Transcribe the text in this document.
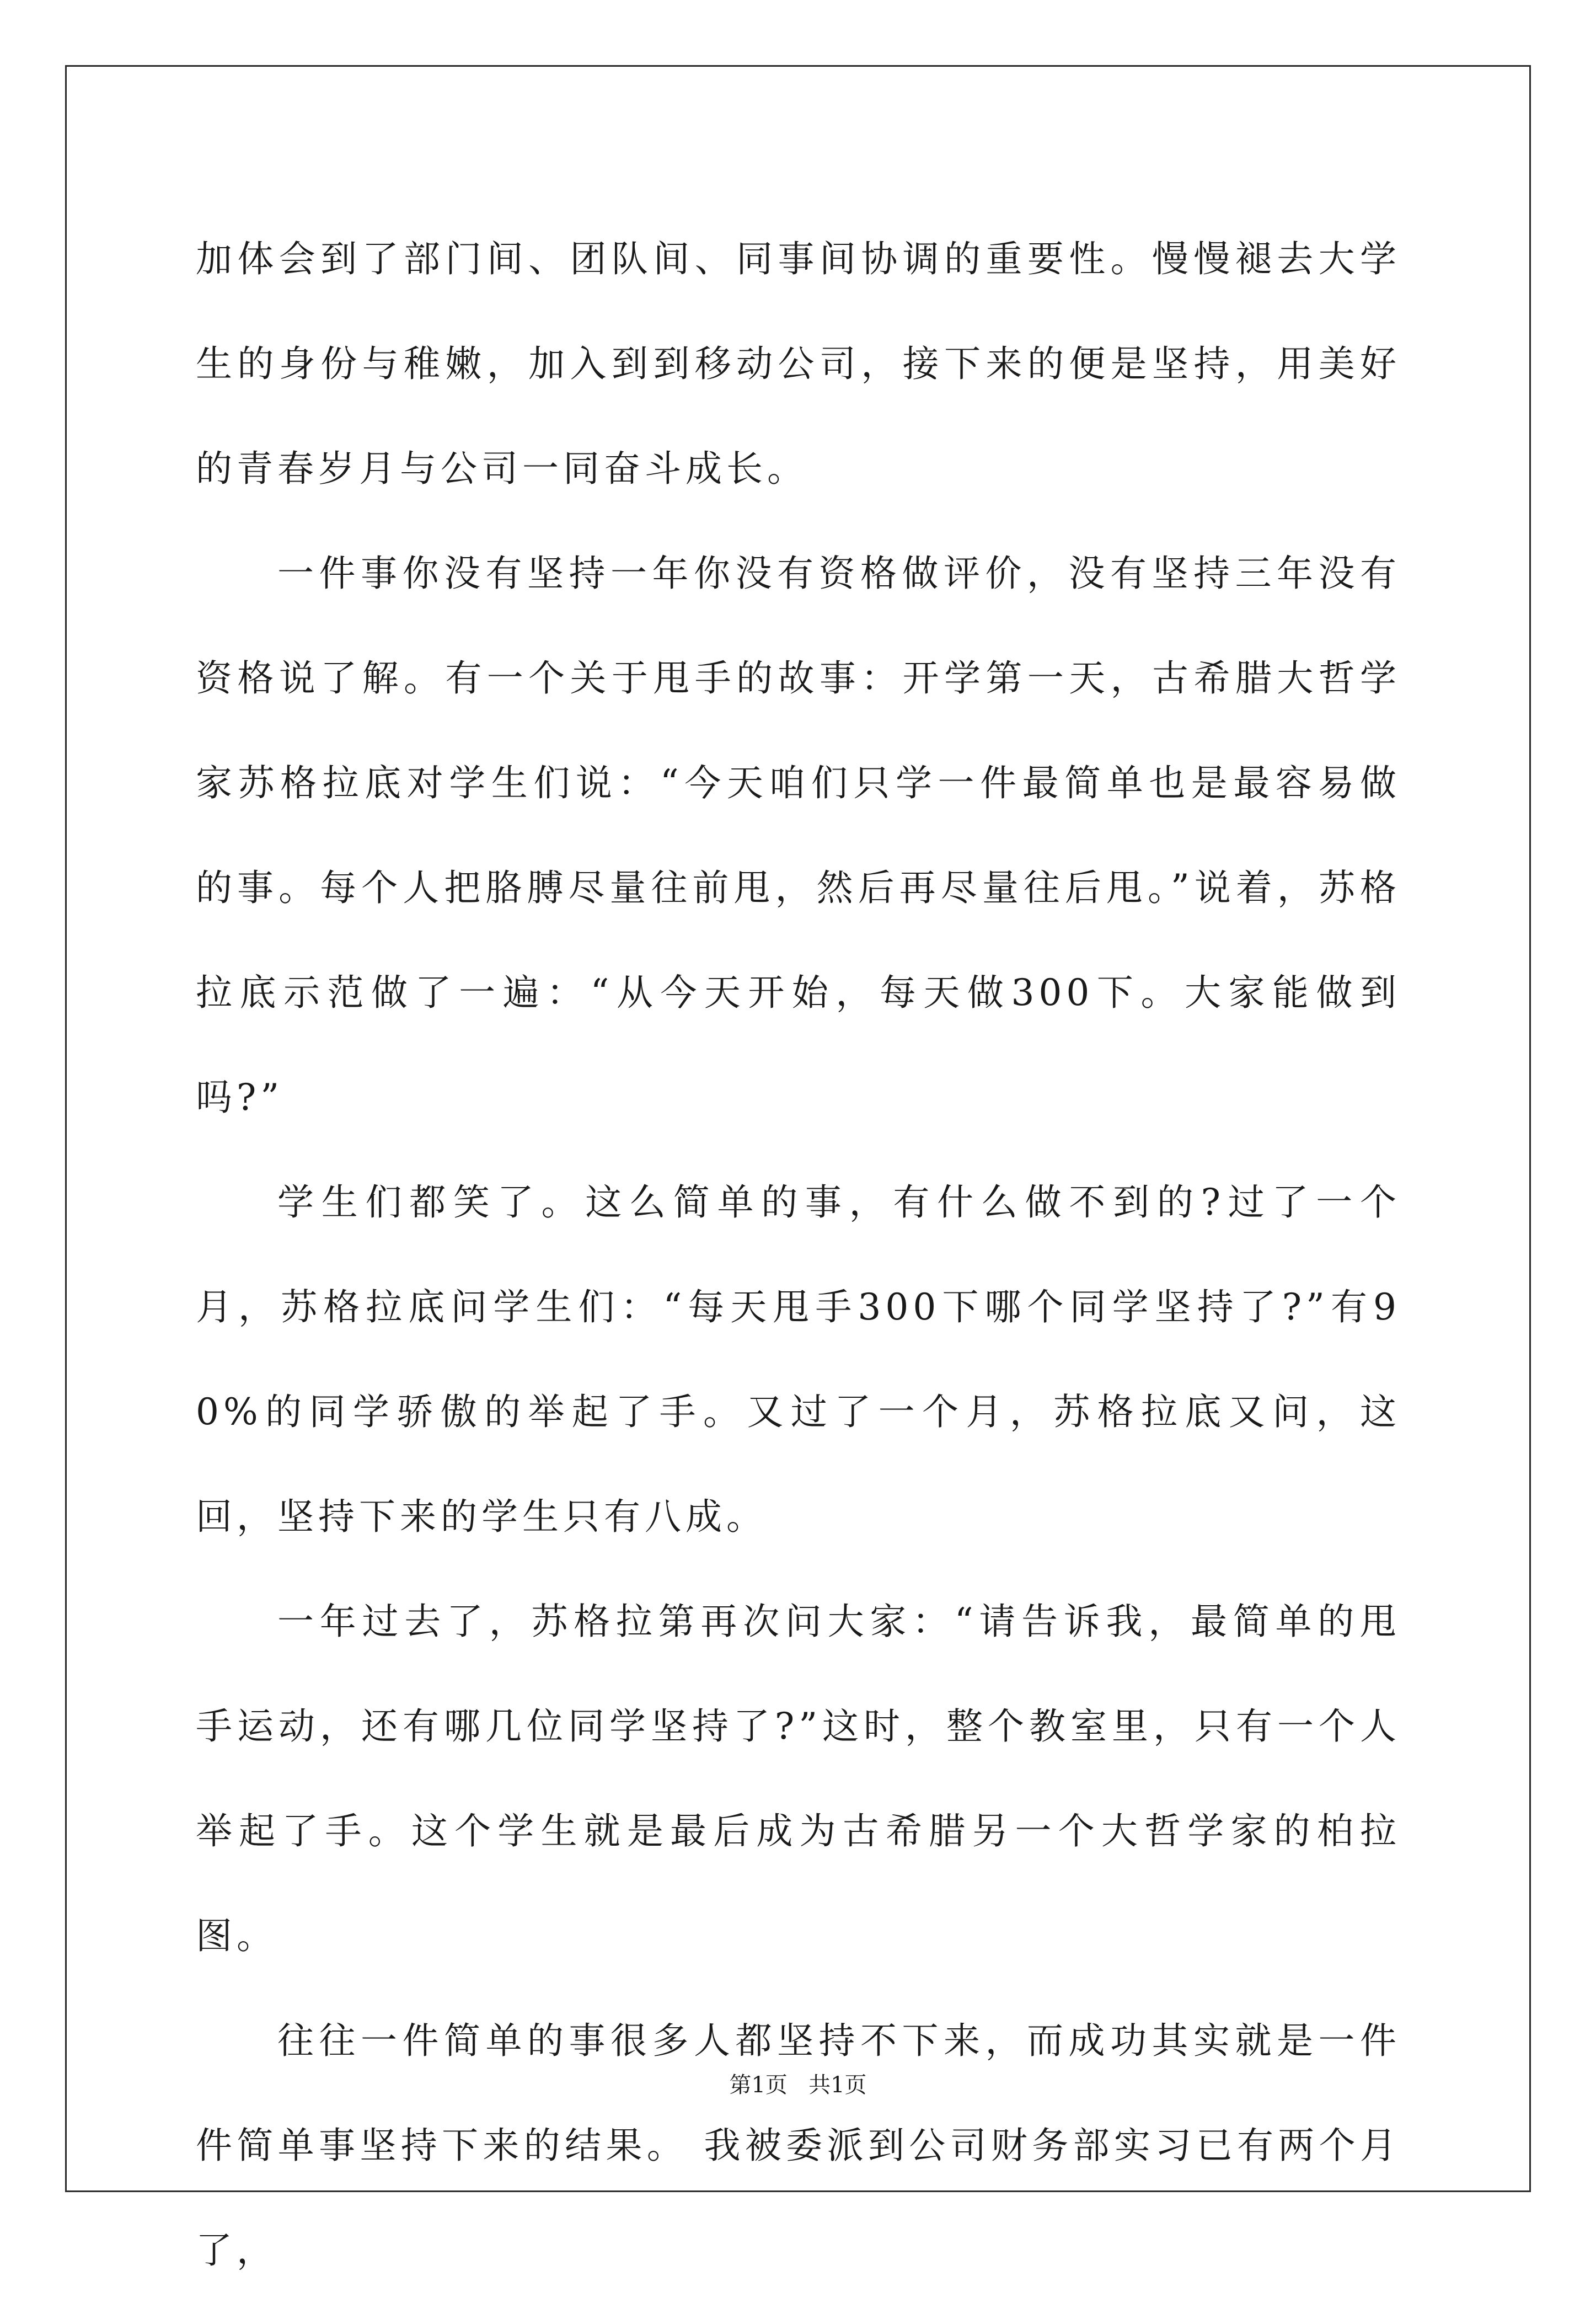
加体会到了部门间、团队间、同事间协调的重要性。慢慢褪去大学生的身份与稚嫩，加入到到移动公司，接下来的便是坚持，用美好的青春岁月与公司一同奋斗成长。

一件事你没有坚持一年你没有资格做评价，没有坚持三年没有资格说了解。有一个关于甩手的故事：开学第一天，古希腊大哲学家苏格拉底对学生们说：“今天咱们只学一件最简单也是最容易做的事。每个人把胳膊尽量往前甩，然后再尽量往后甩。”说着，苏格拉底示范做了一遍：“从今天开始，每天做300下。大家能做到吗?”

学生们都笑了。这么简单的事，有什么做不到的?过了一个月，苏格拉底问学生们：“每天甩手300下哪个同学坚持了?”有90%的同学骄傲的举起了手。又过了一个月，苏格拉底又问，这回，坚持下来的学生只有八成。

一年过去了，苏格拉第再次问大家：“请告诉我，最简单的甩手运动，还有哪几位同学坚持了?”这时，整个教室里，只有一个人举起了手。这个学生就是最后成为古希腊另一个大哲学家的柏拉图。

往往一件简单的事很多人都坚持不下来，而成功其实就是一件件简单事坚持下来的结果。 我被委派到公司财务部实习已有两个月了，

第1页 共1页
